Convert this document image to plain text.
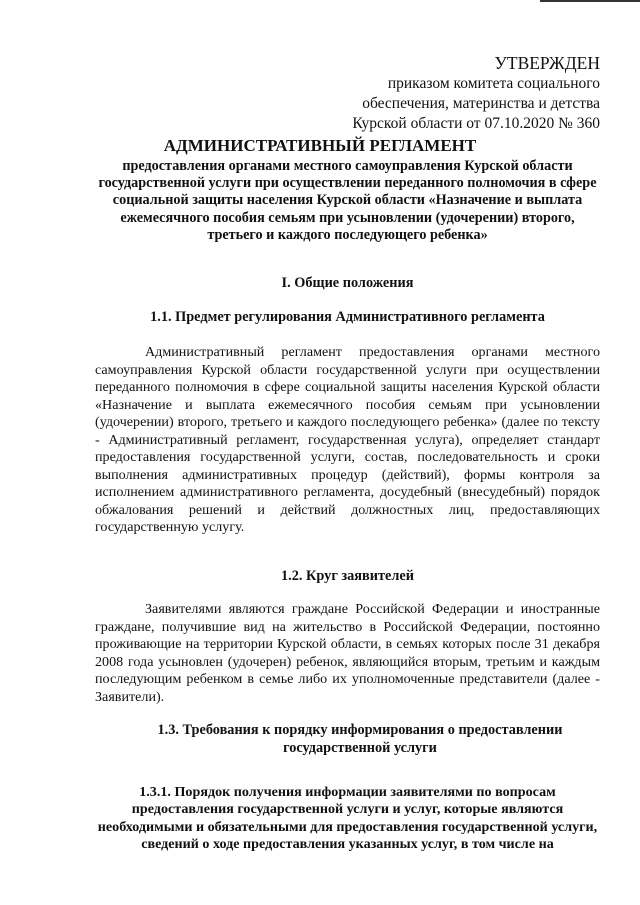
УТВЕРЖДЕН
приказом комитета социального
обеспечения, материнства и детства
Курской области от 07.10.2020 № 360
АДМИНИСТРАТИВНЫЙ РЕГЛАМЕНТ
предоставления органами местного самоуправления Курской области государственной услуги при осуществлении переданного полномочия в сфере социальной защиты населения Курской области «Назначение и выплата ежемесячного пособия семьям при усыновлении (удочерении) второго, третьего и каждого последующего ребенка»
I. Общие положения
1.1. Предмет регулирования Административного регламента
Административный регламент предоставления органами местного самоуправления Курской области государственной услуги при осуществлении переданного полномочия в сфере социальной защиты населения Курской области «Назначение и выплата ежемесячного пособия семьям при усыновлении (удочерении) второго, третьего и каждого последующего ребенка» (далее по тексту - Административный регламент, государственная услуга), определяет стандарт предоставления государственной услуги, состав, последовательность и сроки выполнения административных процедур (действий), формы контроля за исполнением административного регламента, досудебный (внесудебный) порядок обжалования решений и действий должностных лиц, предоставляющих государственную услугу.
1.2. Круг заявителей
Заявителями являются граждане Российской Федерации и иностранные граждане, получившие вид на жительство в Российской Федерации, постоянно проживающие на территории Курской области, в семьях которых после 31 декабря 2008 года усыновлен (удочерен) ребенок, являющийся вторым, третьим и каждым последующим ребенком в семье либо их уполномоченные представители (далее - Заявители).
1.3. Требования к порядку информирования о предоставлении государственной услуги
1.3.1. Порядок получения информации заявителями по вопросам предоставления государственной услуги и услуг, которые являются необходимыми и обязательными для предоставления государственной услуги, сведений о ходе предоставления указанных услуг, в том числе на
